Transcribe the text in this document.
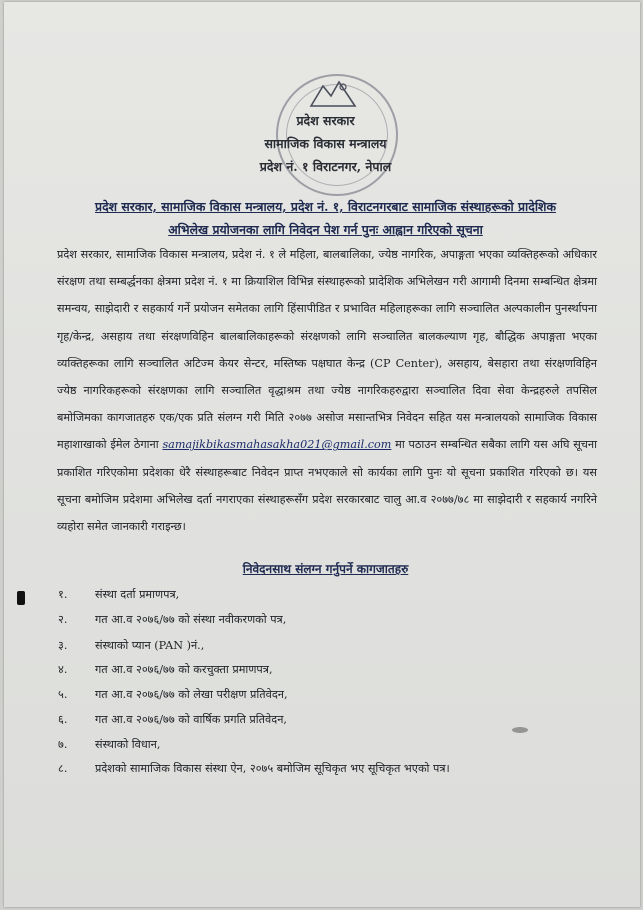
प्रदेश सरकार
सामाजिक विकास मन्त्रालय
प्रदेश नं. १ विराटनगर, नेपाल
प्रदेश सरकार, सामाजिक विकास मन्त्रालय, प्रदेश नं. १, विराटनगरबाट सामाजिक संस्थाहरूको प्रादेशिक
अभिलेख प्रयोजनका लागि निवेदन पेश गर्न पुनः आह्वान गरिएको सूचना
प्रदेश सरकार, सामाजिक विकास मन्त्रालय, प्रदेश नं. १ ले महिला, बालबालिका, ज्येष्ठ नागरिक, अपाङ्गता भएका व्यक्तिहरूको अधिकार संरक्षण तथा सम्बर्द्धनका क्षेत्रमा प्रदेश नं. १ मा क्रियाशिल विभिन्न संस्थाहरूको प्रादेशिक अभिलेखन गरी आगामी दिनमा सम्बन्धित क्षेत्रमा समन्वय, साझेदारी र सहकार्य गर्ने प्रयोजन समेतका लागि हिंसापीडित र प्रभावित महिलाहरूका लागि सञ्चालित अल्पकालीन पुनर्स्थापना गृह/केन्द्र, असहाय तथा संरक्षणविहिन बालबालिकाहरूको संरक्षणको लागि सञ्चालित बालकल्याण गृह, बौद्धिक अपाङ्गता भएका व्यक्तिहरूका लागि सञ्चालित अटिज्म केयर सेन्टर, मस्तिष्क पक्षघात केन्द्र (CP Center), असहाय, बेसहारा तथा संरक्षणविहिन ज्येष्ठ नागरिकहरूको संरक्षणका लागि सञ्चालित वृद्धाश्रम तथा ज्येष्ठ नागरिकहरुद्वारा सञ्चालित दिवा सेवा केन्द्रहरुले तपसिल बमोजिमका कागजातहरु एक/एक प्रति संलग्न गरी मिति २०७७ असोज मसान्तभित्र निवेदन सहित यस मन्त्रालयको सामाजिक विकास महाशाखाको ईमेल ठेगाना samajikbikasmahasakha021@gmail.com मा पठाउन सम्बन्धित सबैका लागि यस अघि सूचना प्रकाशित गरिएकोमा प्रदेशका धेरै संस्थाहरूबाट निवेदन प्राप्त नभएकाले सो कार्यका लागि पुनः यो सूचना प्रकाशित गरिएको छ। यस सूचना बमोजिम प्रदेशमा अभिलेख दर्ता नगराएका संस्थाहरूसँग प्रदेश सरकारबाट चालु आ.व २०७७/७८ मा साझेदारी र सहकार्य नगरिने व्यहोरा समेत जानकारी गराइन्छ।
निवेदनसाथ संलग्न गर्नुपर्ने कागजातहरु
१. संस्था दर्ता प्रमाणपत्र,
२. गत आ.व २०७६/७७ को संस्था नवीकरणको पत्र,
३. संस्थाको प्यान (PAN )नं.,
४. गत आ.व २०७६/७७ को करचुक्ता प्रमाणपत्र,
५. गत आ.व २०७६/७७ को लेखा परीक्षण प्रतिवेदन,
६. गत आ.व २०७६/७७ को वार्षिक प्रगति प्रतिवेदन,
७. संस्थाको विधान,
८. प्रदेशको सामाजिक विकास संस्था ऐन, २०७५ बमोजिम सूचिकृत भए सूचिकृत भएको पत्र।
